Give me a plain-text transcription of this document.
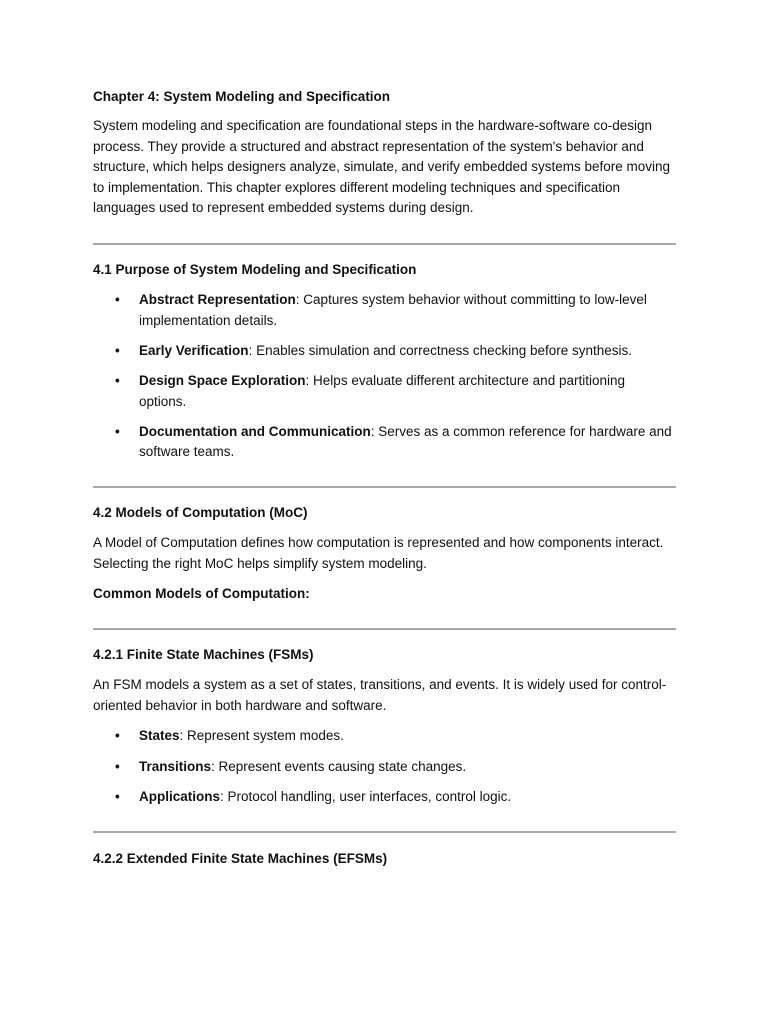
Chapter 4: System Modeling and Specification

System modeling and specification are foundational steps in the hardware-software co-design process. They provide a structured and abstract representation of the system's behavior and structure, which helps designers analyze, simulate, and verify embedded systems before moving to implementation. This chapter explores different modeling techniques and specification languages used to represent embedded systems during design.

4.1 Purpose of System Modeling and Specification
• Abstract Representation: Captures system behavior without committing to low-level implementation details.
• Early Verification: Enables simulation and correctness checking before synthesis.
• Design Space Exploration: Helps evaluate different architecture and partitioning options.
• Documentation and Communication: Serves as a common reference for hardware and software teams.
4.2 Models of Computation (MoC)

A Model of Computation defines how computation is represented and how components interact. Selecting the right MoC helps simplify system modeling.

Common Models of Computation:
4.2.1 Finite State Machines (FSMs)

An FSM models a system as a set of states, transitions, and events. It is widely used for control-oriented behavior in both hardware and software.

• States: Represent system modes.
• Transitions: Represent events causing state changes.
• Applications: Protocol handling, user interfaces, control logic.
4.2.2 Extended Finite State Machines (EFSMs)
